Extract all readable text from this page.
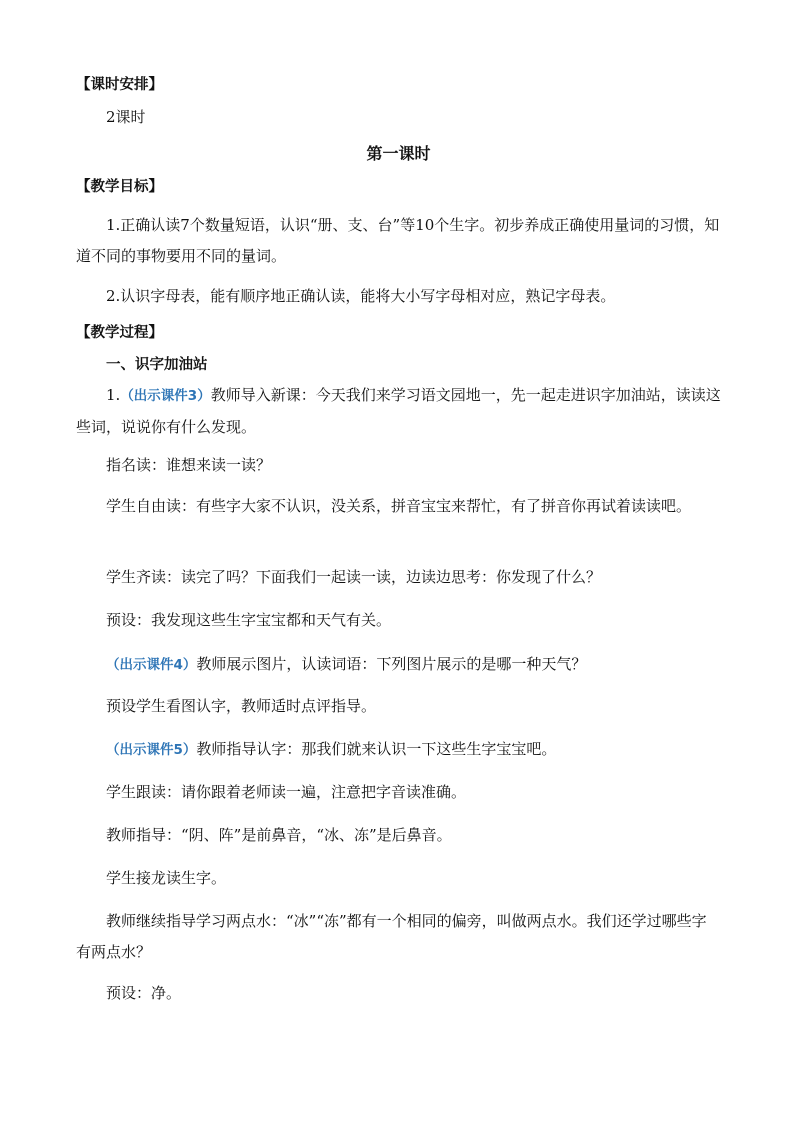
【课时安排】

2课时

第一课时

【教学目标】

1.正确认读7个数量短语，认识“册、支、台”等10个生字。初步养成正确使用量词的习惯，知道不同的事物要用不同的量词。

2.认识字母表，能有顺序地正确认读，能将大小写字母相对应，熟记字母表。

【教学过程】

一、识字加油站

1.（出示课件3）教师导入新课：今天我们来学习语文园地一，先一起走进识字加油站，读读这些词，说说你有什么发现。

指名读：谁想来读一读？

学生自由读：有些字大家不认识，没关系，拼音宝宝来帮忙，有了拼音你再试着读读吧。

学生齐读：读完了吗？下面我们一起读一读，边读边思考：你发现了什么？

预设：我发现这些生字宝宝都和天气有关。

（出示课件4）教师展示图片，认读词语：下列图片展示的是哪一种天气？

预设学生看图认字，教师适时点评指导。

（出示课件5）教师指导认字：那我们就来认识一下这些生字宝宝吧。

学生跟读：请你跟着老师读一遍，注意把字音读准确。

教师指导：“阴、阵”是前鼻音，“冰、冻”是后鼻音。

学生接龙读生字。

教师继续指导学习两点水：“冰”“冻”都有一个相同的偏旁，叫做两点水。我们还学过哪些字有两点水？

预设：净。
